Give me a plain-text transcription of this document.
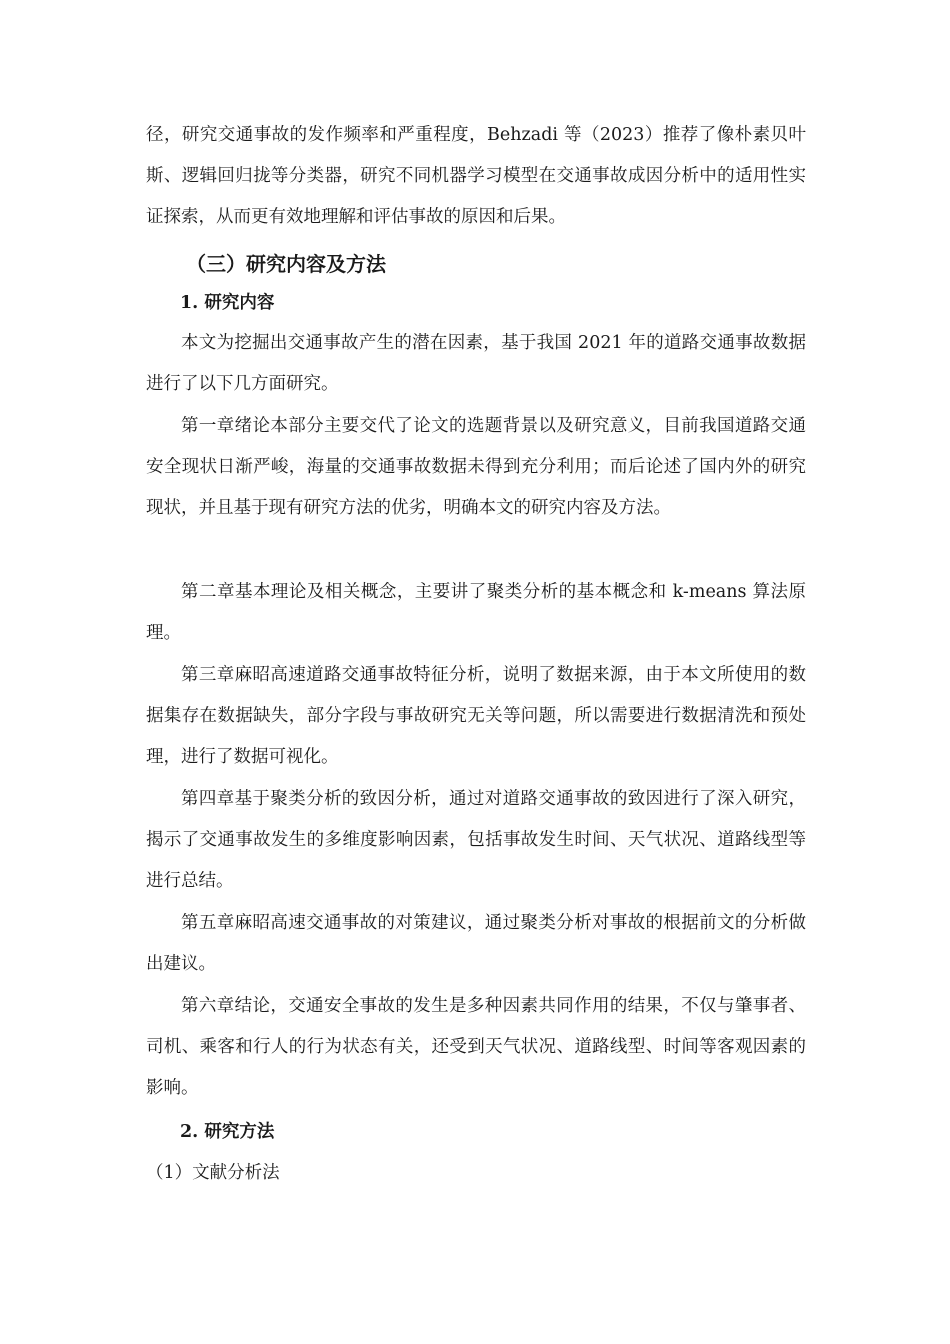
径，研究交通事故的发作频率和严重程度，Behzadi 等（2023）推荐了像朴素贝叶斯、逻辑回归拢等分类器，研究不同机器学习模型在交通事故成因分析中的适用性实证探索，从而更有效地理解和评估事故的原因和后果。
（三）研究内容及方法
1. 研究内容
本文为挖掘出交通事故产生的潜在因素，基于我国 2021 年的道路交通事故数据进行了以下几方面研究。
第一章绪论本部分主要交代了论文的选题背景以及研究意义，目前我国道路交通安全现状日渐严峻，海量的交通事故数据未得到充分利用；而后论述了国内外的研究现状，并且基于现有研究方法的优劣，明确本文的研究内容及方法。
第二章基本理论及相关概念，主要讲了聚类分析的基本概念和 k-means 算法原理。
第三章麻昭高速道路交通事故特征分析，说明了数据来源，由于本文所使用的数据集存在数据缺失，部分字段与事故研究无关等问题，所以需要进行数据清洗和预处理，进行了数据可视化。
第四章基于聚类分析的致因分析，通过对道路交通事故的致因进行了深入研究，揭示了交通事故发生的多维度影响因素，包括事故发生时间、天气状况、道路线型等进行总结。
第五章麻昭高速交通事故的对策建议，通过聚类分析对事故的根据前文的分析做出建议。
第六章结论，交通安全事故的发生是多种因素共同作用的结果，不仅与肇事者、司机、乘客和行人的行为状态有关，还受到天气状况、道路线型、时间等客观因素的影响。
2. 研究方法
（1）文献分析法
